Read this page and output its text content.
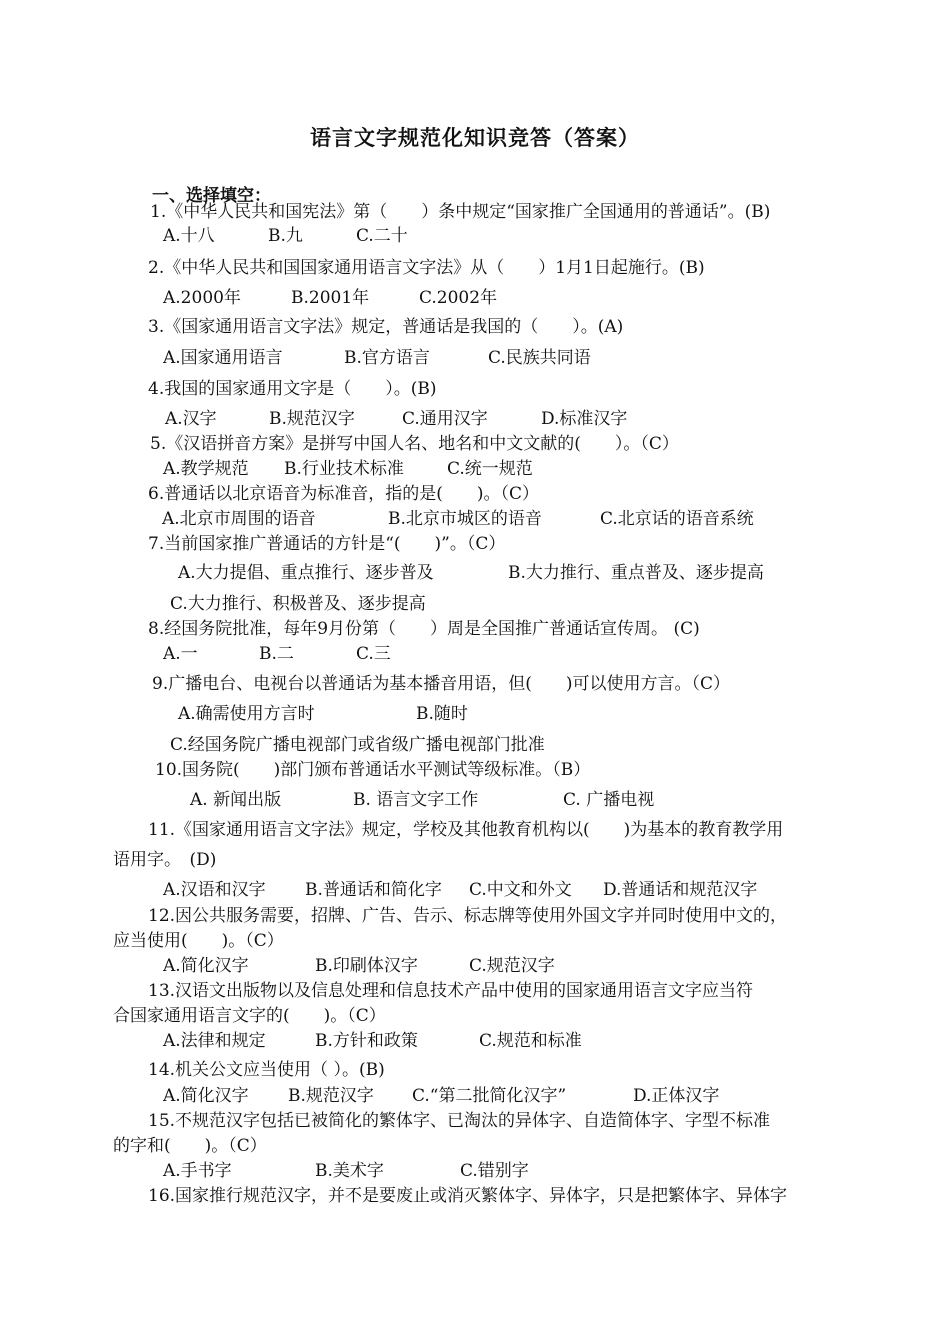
语言文字规范化知识竞答（答案）
一、选择填空：
1.《中华人民共和国宪法》第（　　）条中规定“国家推广全国通用的普通话”。(B)
A.十八	B.九	C.二十
2.《中华人民共和国国家通用语言文字法》从（　　）1月1日起施行。(B)
A.2000年	B.2001年	C.2002年
3.《国家通用语言文字法》规定，普通话是我国的（　　）。(A)
A.国家通用语言	B.官方语言	C.民族共同语
4.我国的国家通用文字是（　　）。(B)
A.汉字	B.规范汉字	C.通用汉字	D.标准汉字
5.《汉语拼音方案》是拼写中国人名、地名和中文文献的(　　）。（C）
A.教学规范 B.行业技术标准	C.统一规范
6.普通话以北京语音为标准音，指的是(　　)。（C）
A.北京市周围的语音	B.北京市城区的语音	C.北京话的语音系统
7.当前国家推广普通话的方针是“(　　)”。（C）
A.大力提倡、重点推行、逐步普及	B.大力推行、重点普及、逐步提高
C.大力推行、积极普及、逐步提高
8.经国务院批准，每年9月份第（　　）周是全国推广普通话宣传周。 (C)
A.一	B.二	C.三
9.广播电台、电视台以普通话为基本播音用语，但(　　)可以使用方言。（C）
A.确需使用方言时	B.随时
C.经国务院广播电视部门或省级广播电视部门批准
10.国务院(　　)部门颁布普通话水平测试等级标准。（B）
A. 新闻出版	B. 语言文字工作	C. 广播电视
11.《国家通用语言文字法》规定，学校及其他教育机构以(　　)为基本的教育教学用
语用字。　(D)
A.汉语和汉字 B.普通话和简化字 C.中文和外文 D.普通话和规范汉字
12.因公共服务需要，招牌、广告、告示、标志牌等使用外国文字并同时使用中文的，
应当使用(　　)。（C）
A.简化汉字	B.印刷体汉字	C.规范汉字
13.汉语文出版物以及信息处理和信息技术产品中使用的国家通用语言文字应当符
合国家通用语言文字的(　　)。（C）
A.法律和规定	B.方针和政策	C.规范和标准
14.机关公文应当使用（ ）。(B)
A.简化汉字 B.规范汉字 C.“第二批简化汉字”	D.正体汉字
15.不规范汉字包括已被简化的繁体字、已淘汰的异体字、自造简体字、字型不标准
的字和(　　)。（C）
A.手书字	B.美术字	C.错别字
16.国家推行规范汉字，并不是要废止或消灭繁体字、异体字，只是把繁体字、异体字
